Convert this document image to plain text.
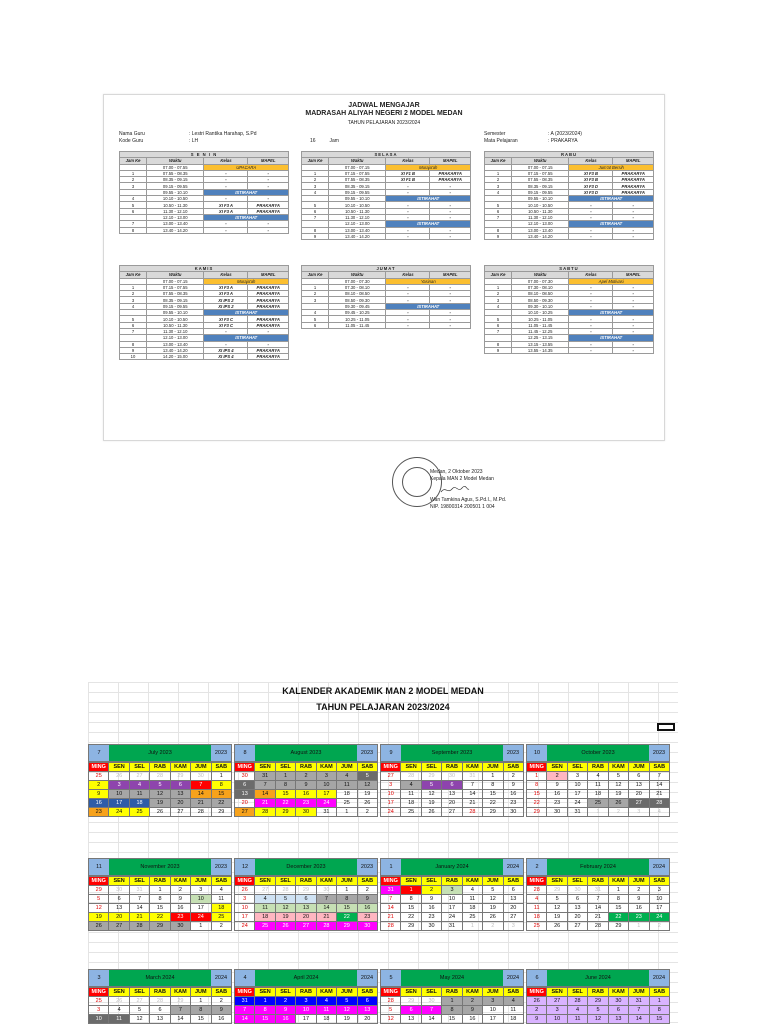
JADWAL MENGAJAR
MADRASAH ALIYAH NEGERI 2 MODEL MEDAN
TAHUN PELAJARAN 2023/2024
Nama Guru	: Lestri Rantika Harahap, S.Pd
Kode Guru	: LH	16	Jam
Semester	: A (2023/2024)
Mata Pelajaran	: PRAKARYA
S E N I N			
Jam Ke	Waktu	Kelas	MAPEL
	07.00 - 07.55	UPACARA	
1	07.55 - 08.35	-	-
2	08.35 - 09.15	-	-
3	09.15 - 09.55	-	-
	09.55 - 10.10	ISTIRAHAT	
4	10.10 - 10.50	-	-
5	10.50 - 11.30	XI F3 A	PRAKARYA
6	11.30 - 12.10	XI F3 A	PRAKARYA
	12.10 - 13.00	ISTIRAHAT	
7	13.00 - 13.40	-	-
8	13.40 - 14.20	-	-
SELASA			
Jam Ke	Waktu	Kelas	MAPEL
	07.00 - 07.15	Muraja'ah	
1	07.15 - 07.55	XI F1 B	PRAKARYA
2	07.55 - 08.35	XI F1 B	PRAKARYA
3	08.35 - 09.15	-	-
4	09.15 - 09.55	-	-
	09.55 - 10.10	ISTIRAHAT	
5	10.10 - 10.50	-	-
6	10.50 - 11.30	-	-
7	11.30 - 12.10	-	-
	12.10 - 13.00	ISTIRAHAT	
8	13.00 - 13.40	-	-
9	13.40 - 14.20	-	-
RABU			
Jam Ke	Waktu	Kelas	MAPEL
	07.00 - 07.15	Jum'at Bersih	
1	07.15 - 07.55	XI F3 B	PRAKARYA
2	07.55 - 08.35	XI F3 B	PRAKARYA
3	08.35 - 09.15	XI F3 D	PRAKARYA
4	09.15 - 09.55	XI F3 D	PRAKARYA
	09.55 - 10.10	ISTIRAHAT	
5	10.10 - 10.50	-	-
6	10.50 - 11.30	-	-
7	11.30 - 12.10	-	-
	12.10 - 13.00	ISTIRAHAT	
8	13.00 - 13.40	-	-
9	13.40 - 14.20	-	-
KAMIS			
Jam Ke	Waktu	Kelas	MAPEL
	07.00 - 07.15	Muraja'ah	
1	07.15 - 07.55	XI F3 A	PRAKARYA
2	07.55 - 08.35	XI F3 A	PRAKARYA
3	08.35 - 09.15	XI IPS 2	PRAKARYA
4	09.15 - 09.55	XI IPS 2	PRAKARYA
	09.55 - 10.10	ISTIRAHAT	
5	10.10 - 10.50	XI F3 C	PRAKARYA
6	10.50 - 11.30	XI F3 C	PRAKARYA
7	11.30 - 12.10	-	-
	12.10 - 13.00	ISTIRAHAT	
8	13.00 - 13.40	-	-
9	13.40 - 14.20	XI IPS 4	PRAKARYA
10	14.20 - 15.00	XI IPS 4	PRAKARYA
JUMAT			
Jam Ke	Waktu	Kelas	MAPEL
	07.00 - 07.30	Yasinan	
1	07.30 - 08.10	-	-
2	08.10 - 08.50	-	-
3	08.50 - 09.30	-	-
	09.30 - 09.45	ISTIRAHAT	
4	09.45 - 10.25	-	-
5	10.25 - 11.05	-	-
6	11.05 - 11.45	-	-
SABTU			
Jam Ke	Waktu	Kelas	MAPEL
	07.00 - 07.30	Apel Motivasi	
1	07.30 - 08.10	-	-
2	08.10 - 08.50	-	-
3	08.50 - 09.30	-	-
4	09.30 - 10.10	-	-
	10.10 - 10.25	ISTIRAHAT	
5	10.25 - 11.05	-	-
6	11.05 - 11.45	-	-
7	11.45 - 12.25	-	-
	12.25 - 13.15	ISTIRAHAT	
8	13.15 - 13.55	-	-
9	13.55 - 14.35	-	-
Medan, 2 Oktober 2023
Kepala MAN 2 Model Medan
Wan Tamkina Agus, S.Pd.I., M.Pd.
NIP. 19800314 200501 1 004
KALENDER AKADEMIK MAN 2 MODEL MEDAN
TAHUN PELAJARAN 2023/2024
7	July 2023	2023
MING	SEN	SEL	RAB	KAM	JUM	SAB
25	26	27	28	29	30	1
2	3	4	5	6	7	8
9	10	11	12	13	14	15
16	17	18	19	20	21	22
23	24	25	26	27	28	29
8	August 2023	2023
MING	SEN	SEL	RAB	KAM	JUM	SAB
30	31	1	2	3	4	5
6	7	8	9	10	11	12
13	14	15	16	17	18	19
20	21	22	23	24	25	26
27	28	29	30	31	1	2
9	September 2023	2023
MING	SEN	SEL	RAB	KAM	JUM	SAB
27	28	29	30	31	1	2
3	4	5	6	7	8	9
10	11	12	13	14	15	16
17	18	19	20	21	22	23
24	25	26	27	28	29	30
10	October 2023	2023
MING	SEN	SEL	RAB	KAM	JUM	SAB
1	2	3	4	5	6	7
8	9	10	11	12	13	14
15	16	17	18	19	20	21
22	23	24	25	26	27	28
29	30	31	1	2	3	4
11	November 2023	2023
MING	SEN	SEL	RAB	KAM	JUM	SAB
29	30	31	1	2	3	4
5	6	7	8	9	10	11
12	13	14	15	16	17	18
19	20	21	22	23	24	25
26	27	28	29	30	1	2
12	December 2023	2023
MING	SEN	SEL	RAB	KAM	JUM	SAB
26	27	28	29	30	1	2
3	4	5	6	7	8	9
10	11	12	13	14	15	16
17	18	19	20	21	22	23
24	25	26	27	28	29	30
1	January 2024	2024
MING	SEN	SEL	RAB	KAM	JUM	SAB
31	1	2	3	4	5	6
7	8	9	10	11	12	13
14	15	16	17	18	19	20
21	22	23	24	25	26	27
28	29	30	31	1	2	3
2	February 2024	2024
MING	SEN	SEL	RAB	KAM	JUM	SAB
28	29	30	31	1	2	3
4	5	6	7	8	9	10
11	12	13	14	15	16	17
18	19	20	21	22	23	24
25	26	27	28	29	1	2
3	March 2024	2024
MING	SEN	SEL	RAB	KAM	JUM	SAB
25	26	27	28	29	1	2
3	4	5	6	7	8	9
10	11	12	13	14	15	16
4	April 2024	2024
MING	SEN	SEL	RAB	KAM	JUM	SAB
31	1	2	3	4	5	6
7	8	9	10	11	12	13
14	15	16	17	18	19	20
5	May 2024	2024
MING	SEN	SEL	RAB	KAM	JUM	SAB
28	29	30	1	2	3	4
5	6	7	8	9	10	11
12	13	14	15	16	17	18
6	June 2024	2024
MING	SEN	SEL	RAB	KAM	JUM	SAB
26	27	28	29	30	31	1
2	3	4	5	6	7	8
9	10	11	12	13	14	15
